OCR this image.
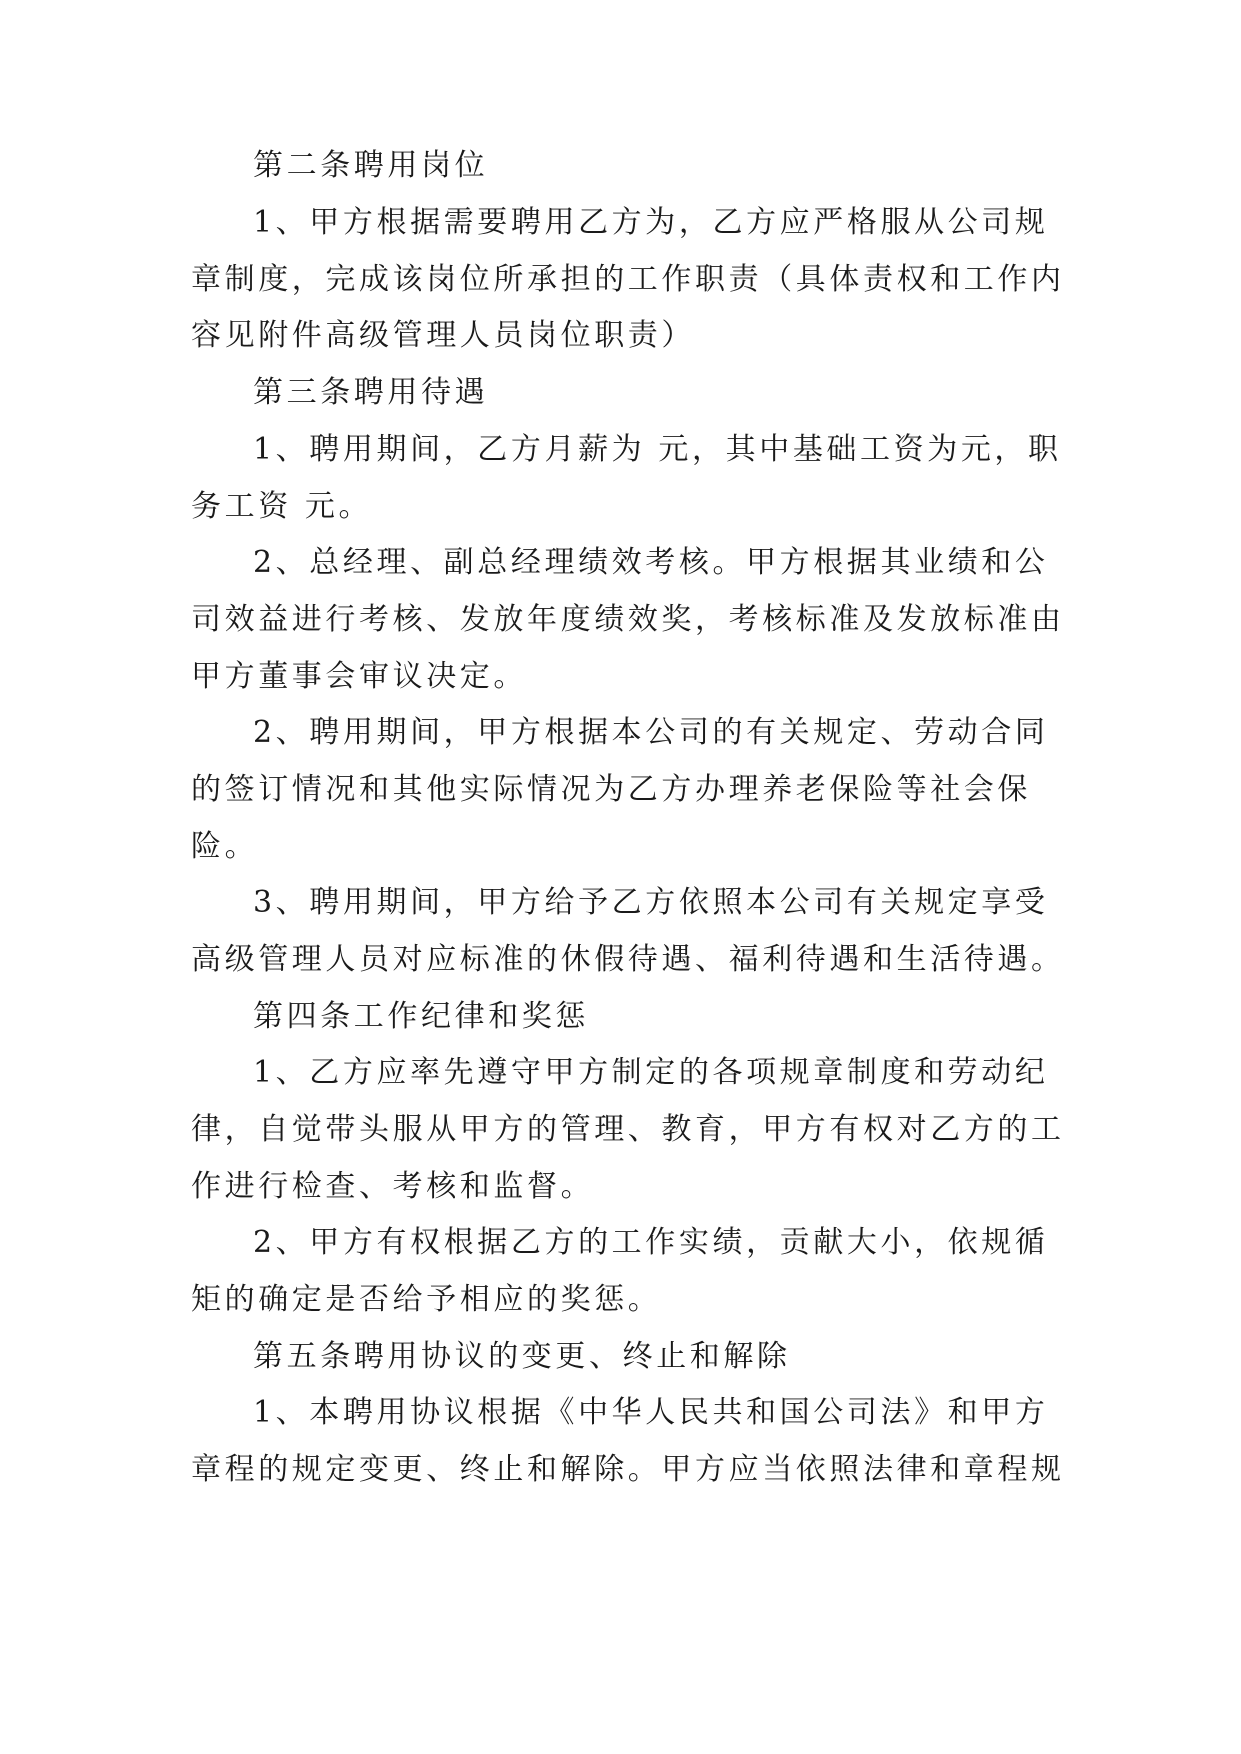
第二条聘用岗位
1、甲方根据需要聘用乙方为，乙方应严格服从公司规
章制度，完成该岗位所承担的工作职责（具体责权和工作内
容见附件高级管理人员岗位职责）
第三条聘用待遇
1、聘用期间，乙方月薪为 元，其中基础工资为元，职
务工资 元。
2、总经理、副总经理绩效考核。甲方根据其业绩和公
司效益进行考核、发放年度绩效奖，考核标准及发放标准由
甲方董事会审议决定。
2、聘用期间，甲方根据本公司的有关规定、劳动合同
的签订情况和其他实际情况为乙方办理养老保险等社会保
险。
3、聘用期间，甲方给予乙方依照本公司有关规定享受
高级管理人员对应标准的休假待遇、福利待遇和生活待遇。
第四条工作纪律和奖惩
1、乙方应率先遵守甲方制定的各项规章制度和劳动纪
律，自觉带头服从甲方的管理、教育，甲方有权对乙方的工
作进行检查、考核和监督。
2、甲方有权根据乙方的工作实绩，贡献大小，依规循
矩的确定是否给予相应的奖惩。
第五条聘用协议的变更、终止和解除
1、本聘用协议根据《中华人民共和国公司法》和甲方
章程的规定变更、终止和解除。甲方应当依照法律和章程规
